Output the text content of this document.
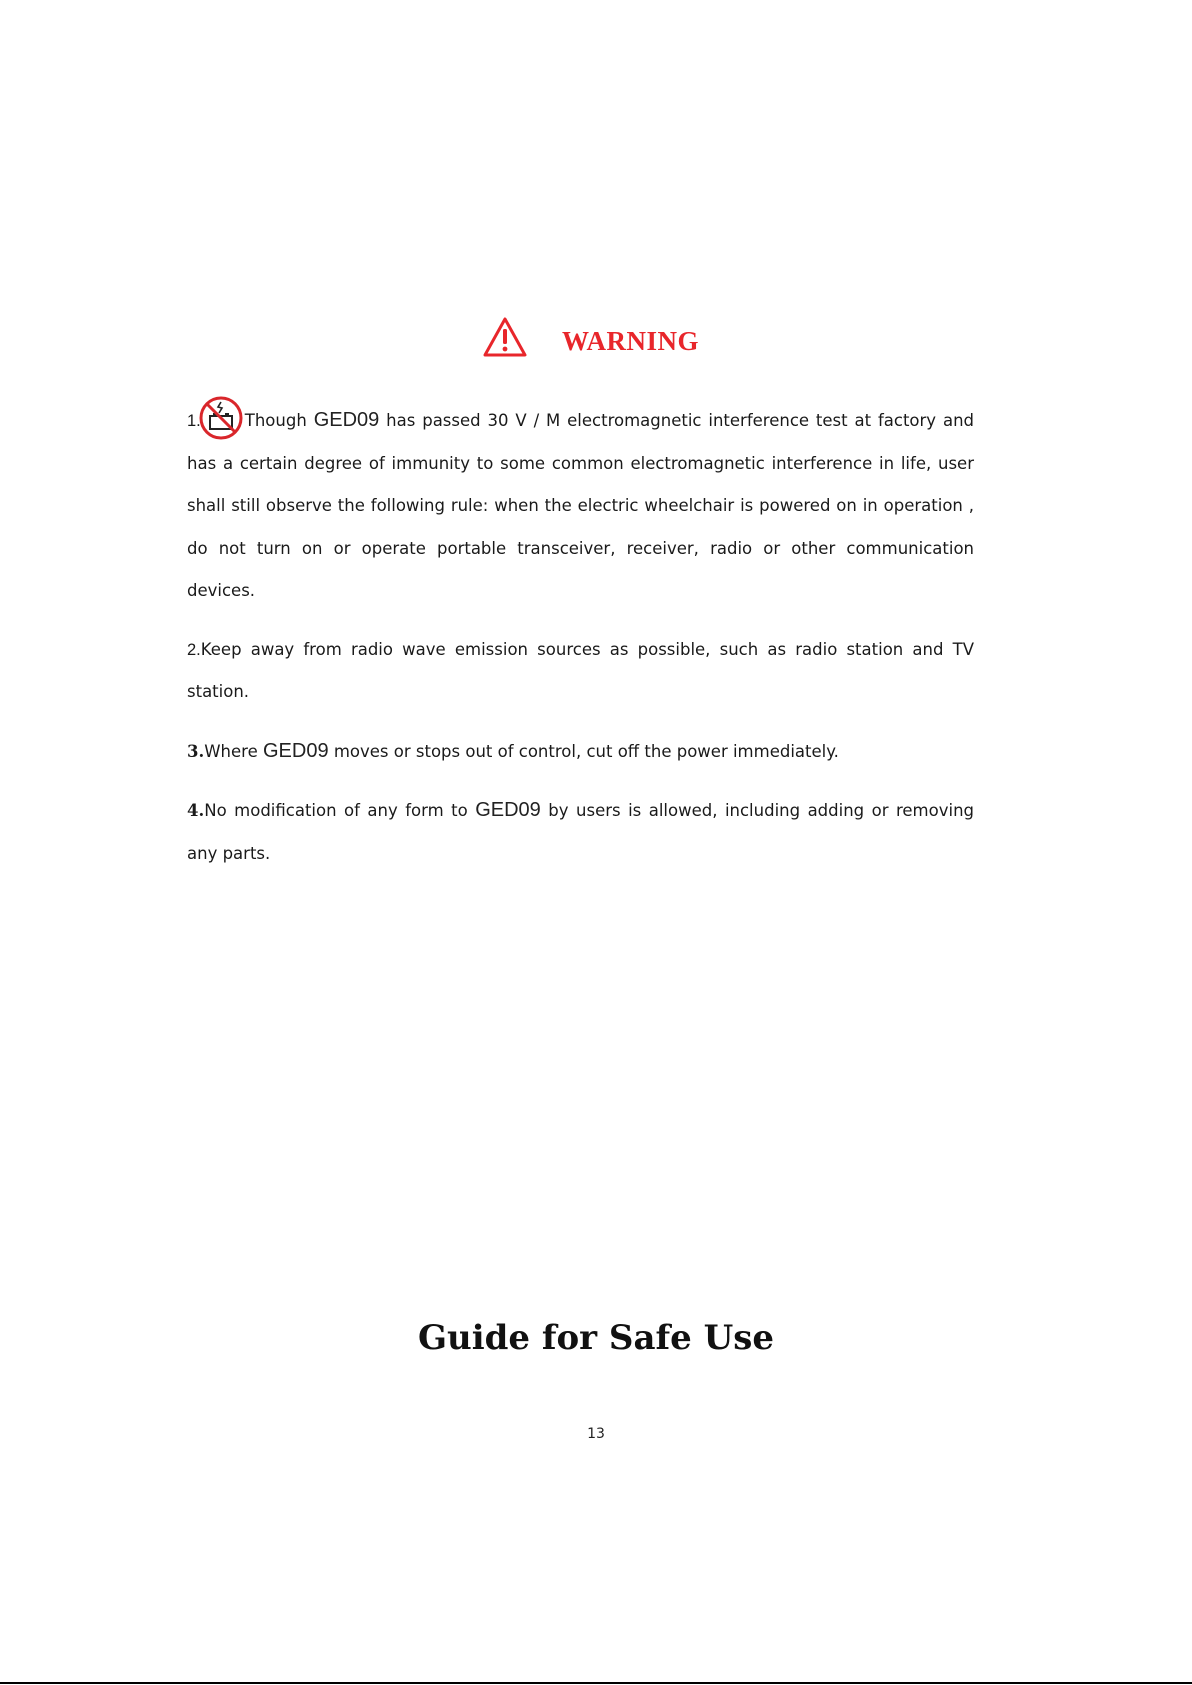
WARNING

1.	Though GED09 has passed 30 V / M electromagnetic interference test at factory and has a certain degree of immunity to some common electromagnetic interference in life, user shall still observe the following rule: when the electric wheelchair is powered on in operation , do not turn on or operate portable transceiver, receiver, radio or other communication devices.

2.Keep away from radio wave emission sources as possible, such as radio station and TV station.

3.Where GED09 moves or stops out of control, cut off the power immediately.

4.No modification of any form to GED09 by users is allowed, including adding or removing any parts.

Guide for Safe Use
13
